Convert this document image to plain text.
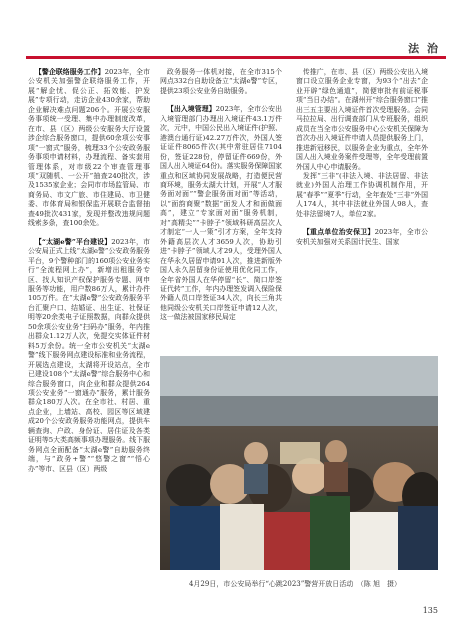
法 治

【警企联络服务工作】2023年，全市公安机关加强警企联络服务工作，开展“解企忧、促公正、拓效能、护发展”专项行动，走访企业430余家，帮助企业解决难点问题206个。开展公安服务事项统一受理、集中办理制度改革，在市、县（区）两级公安服务大厅设置涉企综合服务窗口，提供60余项公安事项“一窗式”服务，梳理33个公安政务服务事项申请材料，办理流程、备实套用管理体系，对市级22个审查管理事项“双随机、一公开”抽查240批次，涉及1535家企业；会同市市场监管局、市商务局、市文广旅、市住建局、市卫健委、市体育局和银保监开展联合监督抽查49批次431家，发现并整改违规问题线索多条，查100余处。

【“太湖e警”平台建设】2023年，市公安局正式上线“太湖e警”公安政务服务平台，9个警种部门的160项公安业务实行“全流程网上办”，新增出租服务专区、找人知识产权保护服务专题、网申服务等功能，用户数86万人，累计办件105万件。在“太湖e警”公安政务服务平台汇聚户口、结婚证、出生证、社保证明等20余类电子证照数据，向群众提供50余项公安业务“扫码办”服务，年内推出群众1.12万人次，免提交实体证件材料5万余份。统一全市公安机关“太湖e警”线下服务网点建设标准和业务流程，开展选点建设，太湖将开设站点，全市已建设108个“太湖e警”综合服务中心和综合服务窗口，向企业和群众提供264项公安业务“一窗通办”服务，累计服务群众180万人次。在全市社、村居、重点企业，上墙站、高校、园区等区域建成20个公安政务服务功能网点，提供车辆查询、户政、身份证、居住证及各类证明等5大类高频事项办理服务。线下服务网点全面配备“太湖e警”自助服务终端，与“政务+警”“悠警之窗”“悟心办”等市、区县（区）两级

政务服务一体机对接，在全市315个网点332台自助设备立“太湖e警”专区，提供23项公安业务自助服务。

【出入境管理】2023年，全市公安出入境管理部门办理出入境证件43.1万件次，元中，中国公民出入境证件(护照、港澳台通行证)42.27万件次，外国人签证证件8065件次(其中常驻居住7104份，签证228份，停留证件669份，外国人出入境证64份)。落实服务保障国家重点和区域协同发展战略，打造便民营商环境，服务太湖大计划，开展“人才服务面对面”“警企服务面对面”等活动，以“面韵商聚”数据“面发人才和面做面高”，建立“专家面对面”服务机制，对“高精尖”“卡脖子”领域科研高层次人才制定“一人一策”引才方案，全年支持外籍高层次人才3659人次，协助引进“卡脖子”领域人才29人，受理外国人在华永久居留申请91人次，推进新版外国人永久居留身份证使用优化同工作，全年省外国人在华停留“长”、简口岸签证代转”工作，年内办理签发调入保险保外籍人员口岸签证34人次，向长三角共他同级公安机关口岸签证申请12人次，这一做法被国家移民局定

传推广，在市、县（区）两级公安出入境窗口设立服务企业专窗，为93个“出去”企业开辟“绿色通道”，简便审批有前证税事项“当日办结”。在湖州开“综合服务窗口”推出三五主要出入境证件首次受理服务。会同马拉拉局、出行调查部门从专班服务，组织成员在当全市公安服务中心公安机关保障为首次办出入境证件申请人员提供服务上门，推进新冠移民，以服务企业为重点，全年外国人出入境业务案件受理等，全年受理前置外国人中心申请服务。

发挥“三非”(非法入境、非法居留、非法就业)外国人治理工作协调机制作用，开展“春季”“夏季”行动，全年查处“三非”外国人174人，其中非法就业外国人98人，查处非法留境7人，单位2家。

【重点单位治安保卫】2023年，全市公安机关加强对关系国计民生、国家

4月29日，市公安局举行“心跳2023”警营开放日活动　（陈 旭　摄）
135
